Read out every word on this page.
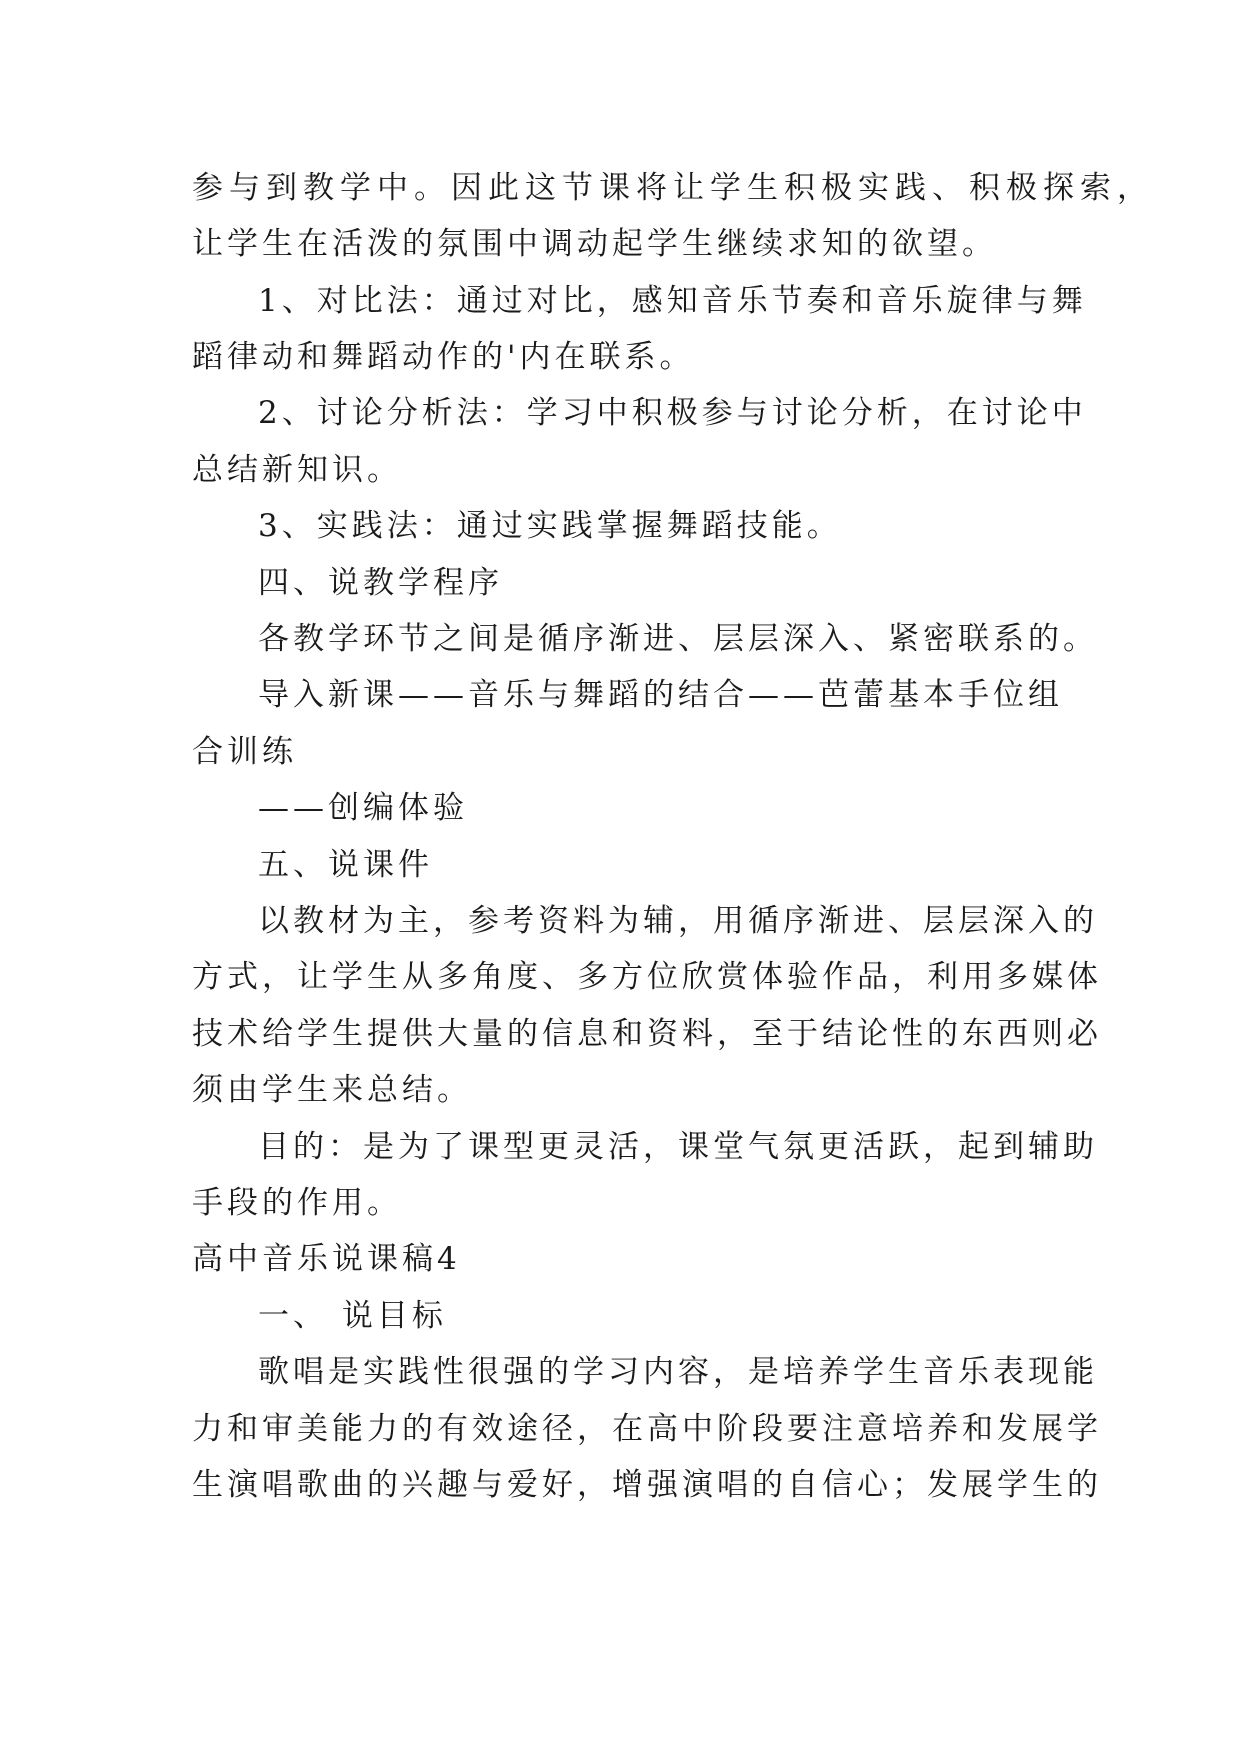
参与到教学中。因此这节课将让学生积极实践、积极探索，
让学生在活泼的氛围中调动起学生继续求知的欲望。
1、对比法：通过对比，感知音乐节奏和音乐旋律与舞
蹈律动和舞蹈动作的'内在联系。
2、讨论分析法：学习中积极参与讨论分析，在讨论中
总结新知识。
3、实践法：通过实践掌握舞蹈技能。
四、说教学程序
各教学环节之间是循序渐进、层层深入、紧密联系的。
导入新课——音乐与舞蹈的结合——芭蕾基本手位组
合训练
——创编体验
五、说课件
以教材为主，参考资料为辅，用循序渐进、层层深入的
方式，让学生从多角度、多方位欣赏体验作品，利用多媒体
技术给学生提供大量的信息和资料，至于结论性的东西则必
须由学生来总结。
目的：是为了课型更灵活，课堂气氛更活跃，起到辅助
手段的作用。
高中音乐说课稿4
一、 说目标
歌唱是实践性很强的学习内容，是培养学生音乐表现能
力和审美能力的有效途径，在高中阶段要注意培养和发展学
生演唱歌曲的兴趣与爱好，增强演唱的自信心；发展学生的
